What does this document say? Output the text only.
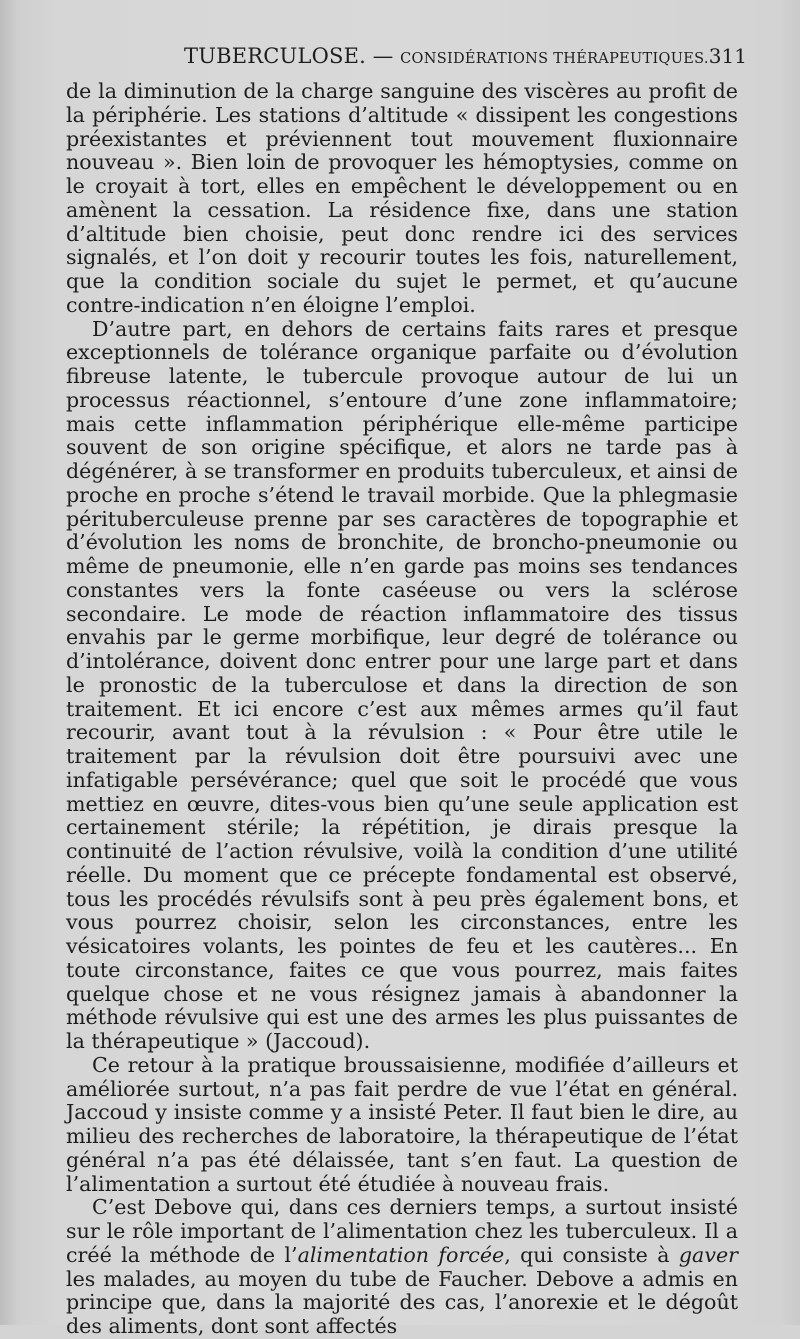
TUBERCULOSE. — CONSIDÉRATIONS THÉRAPEUTIQUES. 311

de la diminution de la charge sanguine des viscères au profit de la périphérie. Les stations d’altitude « dissipent les congestions préexistantes et préviennent tout mouvement fluxionnaire nouveau ». Bien loin de provoquer les hémoptysies, comme on le croyait à tort, elles en empêchent le développement ou en amènent la cessation. La résidence fixe, dans une station d’altitude bien choisie, peut donc rendre ici des services signalés, et l’on doit y recourir toutes les fois, naturellement, que la condition sociale du sujet le permet, et qu’aucune contre-indication n’en éloigne l’emploi.

D’autre part, en dehors de certains faits rares et presque exceptionnels de tolérance organique parfaite ou d’évolution fibreuse latente, le tubercule provoque autour de lui un processus réactionnel, s’entoure d’une zone inflammatoire; mais cette inflammation périphérique elle-même participe souvent de son origine spécifique, et alors ne tarde pas à dégénérer, à se transformer en produits tuberculeux, et ainsi de proche en proche s’étend le travail morbide. Que la phlegmasie pérituberculeuse prenne par ses caractères de topographie et d’évolution les noms de bronchite, de broncho-pneumonie ou même de pneumonie, elle n’en garde pas moins ses tendances constantes vers la fonte caséeuse ou vers la sclérose secondaire. Le mode de réaction inflammatoire des tissus envahis par le germe morbifique, leur degré de tolérance ou d’intolérance, doivent donc entrer pour une large part et dans le pronostic de la tuberculose et dans la direction de son traitement. Et ici encore c’est aux mêmes armes qu’il faut recourir, avant tout à la révulsion : « Pour être utile le traitement par la révulsion doit être poursuivi avec une infatigable persévérance; quel que soit le procédé que vous mettiez en œuvre, dites-vous bien qu’une seule application est certainement stérile; la répétition, je dirais presque la continuité de l’action révulsive, voilà la condition d’une utilité réelle. Du moment que ce précepte fondamental est observé, tous les procédés révulsifs sont à peu près également bons, et vous pourrez choisir, selon les circonstances, entre les vésicatoires volants, les pointes de feu et les cautères... En toute circonstance, faites ce que vous pourrez, mais faites quelque chose et ne vous résignez jamais à abandonner la méthode révulsive qui est une des armes les plus puissantes de la thérapeutique » (Jaccoud).

Ce retour à la pratique broussaisienne, modifiée d’ailleurs et améliorée surtout, n’a pas fait perdre de vue l’état en général. Jaccoud y insiste comme y a insisté Peter. Il faut bien le dire, au milieu des recherches de laboratoire, la thérapeutique de l’état général n’a pas été délaissée, tant s’en faut. La question de l’alimentation a surtout été étudiée à nouveau frais.

C’est Debove qui, dans ces derniers temps, a surtout insisté sur le rôle important de l’alimentation chez les tuberculeux. Il a créé la méthode de l’alimentation forcée, qui consiste à gaver les malades, au moyen du tube de Faucher. Debove a admis en principe que, dans la majorité des cas, l’anorexie et le dégoût des aliments, dont sont affectés
